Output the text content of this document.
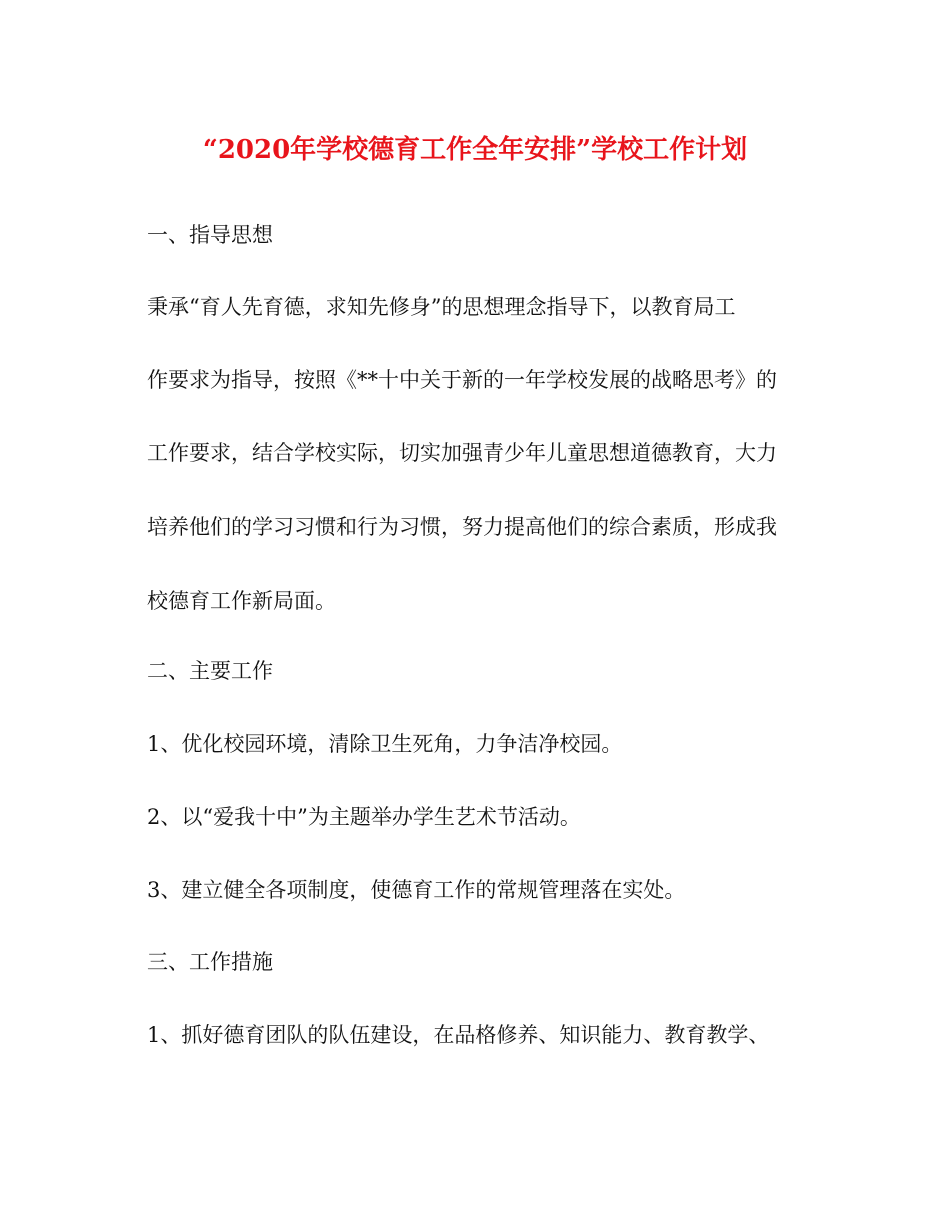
“2020年学校德育工作全年安排”学校工作计划
一、指导思想
秉承“育人先育德，求知先修身”的思想理念指导下，以教育局工
作要求为指导，按照《**十中关于新的一年学校发展的战略思考》的
工作要求，结合学校实际，切实加强青少年儿童思想道德教育，大力
培养他们的学习习惯和行为习惯，努力提高他们的综合素质，形成我
校德育工作新局面。
二、主要工作
1、优化校园环境，清除卫生死角，力争洁净校园。
2、以“爱我十中”为主题举办学生艺术节活动。
3、建立健全各项制度，使德育工作的常规管理落在实处。
三、工作措施
1、抓好德育团队的队伍建设，在品格修养、知识能力、教育教学、
